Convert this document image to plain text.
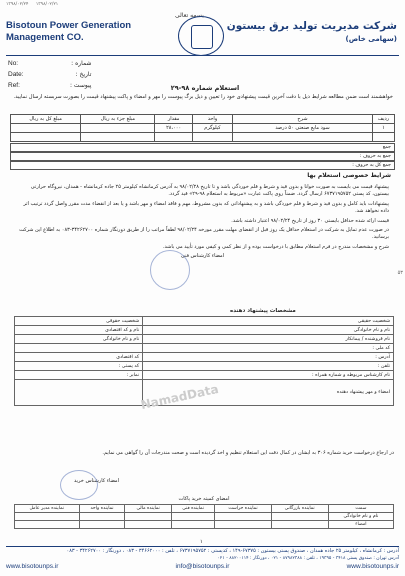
۱۳۹۸/۰۲/۲۴ ۱۳۹۸/۰۲/۲۱
بسمه تعالی
Bisotoun Power Generation
Management CO.
شرکت مدیریت تولید برق بیستون
(سهامی خاص)
No:
Date:
Ref:
شماره :
تاریخ :
پیوست :	استعلام شماره ۹۸-۲۹
خواهشمند است ضمن مطالعه شرایط ذیل با دقت آخرین قیمت پیشنهادی خود را تعیین و ذیل برگ پیوست را مهر و امضاء و پاکت پیشنهاد قیمت را بصورت سربسته ارسال نمایید.
ردیف	شرح	واحد	مقدار	مبلغ جزء به ریال	مبلغ کل به ریال
۱	سود مایع صنعتی ۵۰ درصد	کیلوگرم	۲۸،۰۰۰		

جمع
جمع به حروف :
جمع کل به حروف :
شرایط خصوصی استعلام بها

پیشنهاد قیمت می بایست به صورت خوانا و بدون قید و شرط و قلم خوردگی باشد و تا تاریخ ۹۸/۰۲/۲۸ به آدرس کرمانشاه کیلومتر ۲۵ جاده کرمانشاه - همدان، نیروگاه حرارتی بیستون، کد پستی ۶۷۳۷۱۹۵۷۵۲ ارسال گردد. ضمناً روی پاکت عبارت «مربوط به استعلام ۹۸-۲۹» قید گردد.

پیشنهادات باید کامل و بدون قید و شرط و قلم خوردگی باشد و به پیشنهاداتی که بدون مشروط، مهم و فاقد امضاء و مهر باشد و یا بعد از انقضاء مدت مقرر واصل گردد ترتیب اثر داده نخواهد شد.

قیمت ارائه شده حداقل بایستی ۳۰ روز از تاریخ ۹۸/۰۲/۲۴ اعتبار داشته باشد.

در صورت عدم تمایل به شرکت در استعلام حداقل یک روز قبل از انقضای مهلت مقرر مورخه ۹۸/۰۲/۲۴ لطفاً مراتب را از طریق دورنگار شماره ۳۴۲۶۲۷۰۰-۰۸۳ به اطلاع این شرکت برسانید.

شرح و مشخصات مندرج در فرم استعلام مطابق با درخواست بوده و از نظر کمی و کیفی مورد تأیید می باشد.

امضاء کارشناس فنی

مشخصات پیشنهاد دهنده
شخصیت حقیقی	شخصیت حقوقی
نام و نام خانوادگی	نام و کد اقتصادی
نام فروشنده / پیمانکار	نام و نام خانوادگی
کد ملی :	
آدرس :	کد اقتصادی
تلفن :	کد پستی :
نام کارشناس مربوطه و شماره همراه :	نمابر :
امضاء و مهر پیشنهاد دهنده	
NamadData
در ارجاع درخواست خرید شماره ۳۰۶ به ایشان در کمال دقت این استعلام تنظیم و اخذ گردیده است و صحت مندرجات آن را گواهی می نمایم.
امضاء کارشناس خرید
امضای کمیته خرید پاکات
سمت	نماینده بازرگانی	نماینده حراست	نماینده فنی	نماینده مالی	نماینده واحد	نماینده مدیر عامل
نام و نام خانوادگی						
امضاء						
۱
۵۳
آدرس : کرمانشاه ، کیلومتر ۲۵ جاده همدان ، صندوق پستی بیستون : ۶۷۳۷۵-۱۴۹ ، کدپستی : ۶۷۳۷۱۹۵۷۵۲ ، تلفن : ۳۴۶۶۲۰۰۰ - ۰۸۳ ، دورنگار : ۳۴۲۶۲۷۰۰ - ۰۸۳
آدرس تهران : صندوق پستی ۳۴۱۸ - ۱۹۳۹۵ ، تلفن : ۸۷۹۸۲۳۸۸ - ۰۲۱ ، دورنگار : ۸۸۲۰۰۱۱۴ - ۰۲۱
www.bisotounps.ir	info@bisotounps.ir	www.bisotounps.ir
